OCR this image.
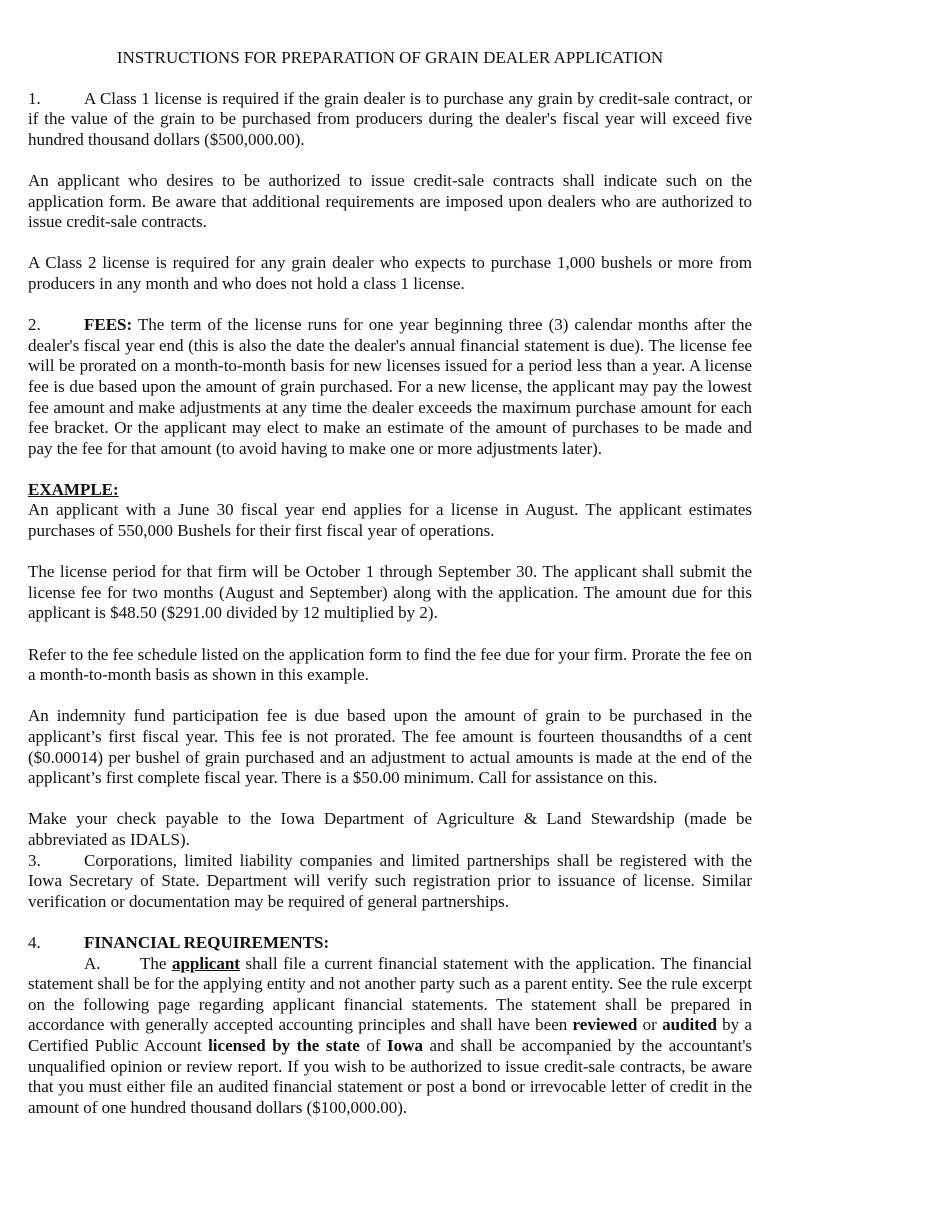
INSTRUCTIONS FOR PREPARATION OF GRAIN DEALER APPLICATION

1.	A Class 1 license is required if the grain dealer is to purchase any grain by credit-sale contract, or if the value of the grain to be purchased from producers during the dealer's fiscal year will exceed five hundred thousand dollars ($500,000.00).

An applicant who desires to be authorized to issue credit-sale contracts shall indicate such on the application form. Be aware that additional requirements are imposed upon dealers who are authorized to issue credit-sale contracts.

A Class 2 license is required for any grain dealer who expects to purchase 1,000 bushels or more from producers in any month and who does not hold a class 1 license.

2.	FEES: The term of the license runs for one year beginning three (3) calendar months after the dealer's fiscal year end (this is also the date the dealer's annual financial statement is due). The license fee will be prorated on a month-to-month basis for new licenses issued for a period less than a year. A license fee is due based upon the amount of grain purchased. For a new license, the applicant may pay the lowest fee amount and make adjustments at any time the dealer exceeds the maximum purchase amount for each fee bracket. Or the applicant may elect to make an estimate of the amount of purchases to be made and pay the fee for that amount (to avoid having to make one or more adjustments later).

EXAMPLE:

An applicant with a June 30 fiscal year end applies for a license in August. The applicant estimates purchases of 550,000 Bushels for their first fiscal year of operations.

The license period for that firm will be October 1 through September 30. The applicant shall submit the license fee for two months (August and September) along with the application. The amount due for this applicant is $48.50 ($291.00 divided by 12 multiplied by 2).

Refer to the fee schedule listed on the application form to find the fee due for your firm. Prorate the fee on a month-to-month basis as shown in this example.

An indemnity fund participation fee is due based upon the amount of grain to be purchased in the applicant’s first fiscal year. This fee is not prorated. The fee amount is fourteen thousandths of a cent ($0.00014) per bushel of grain purchased and an adjustment to actual amounts is made at the end of the applicant’s first complete fiscal year. There is a $50.00 minimum. Call for assistance on this.

Make your check payable to the Iowa Department of Agriculture & Land Stewardship (made be abbreviated as IDALS).

3.	Corporations, limited liability companies and limited partnerships shall be registered with the Iowa Secretary of State. Department will verify such registration prior to issuance of license. Similar verification or documentation may be required of general partnerships.

4.	FINANCIAL REQUIREMENTS:

A. The applicant shall file a current financial statement with the application. The financial statement shall be for the applying entity and not another party such as a parent entity. See the rule excerpt on the following page regarding applicant financial statements. The statement shall be prepared in accordance with generally accepted accounting principles and shall have been reviewed or audited by a Certified Public Account licensed by the state of Iowa and shall be accompanied by the accountant's unqualified opinion or review report. If you wish to be authorized to issue credit-sale contracts, be aware that you must either file an audited financial statement or post a bond or irrevocable letter of credit in the amount of one hundred thousand dollars ($100,000.00).
